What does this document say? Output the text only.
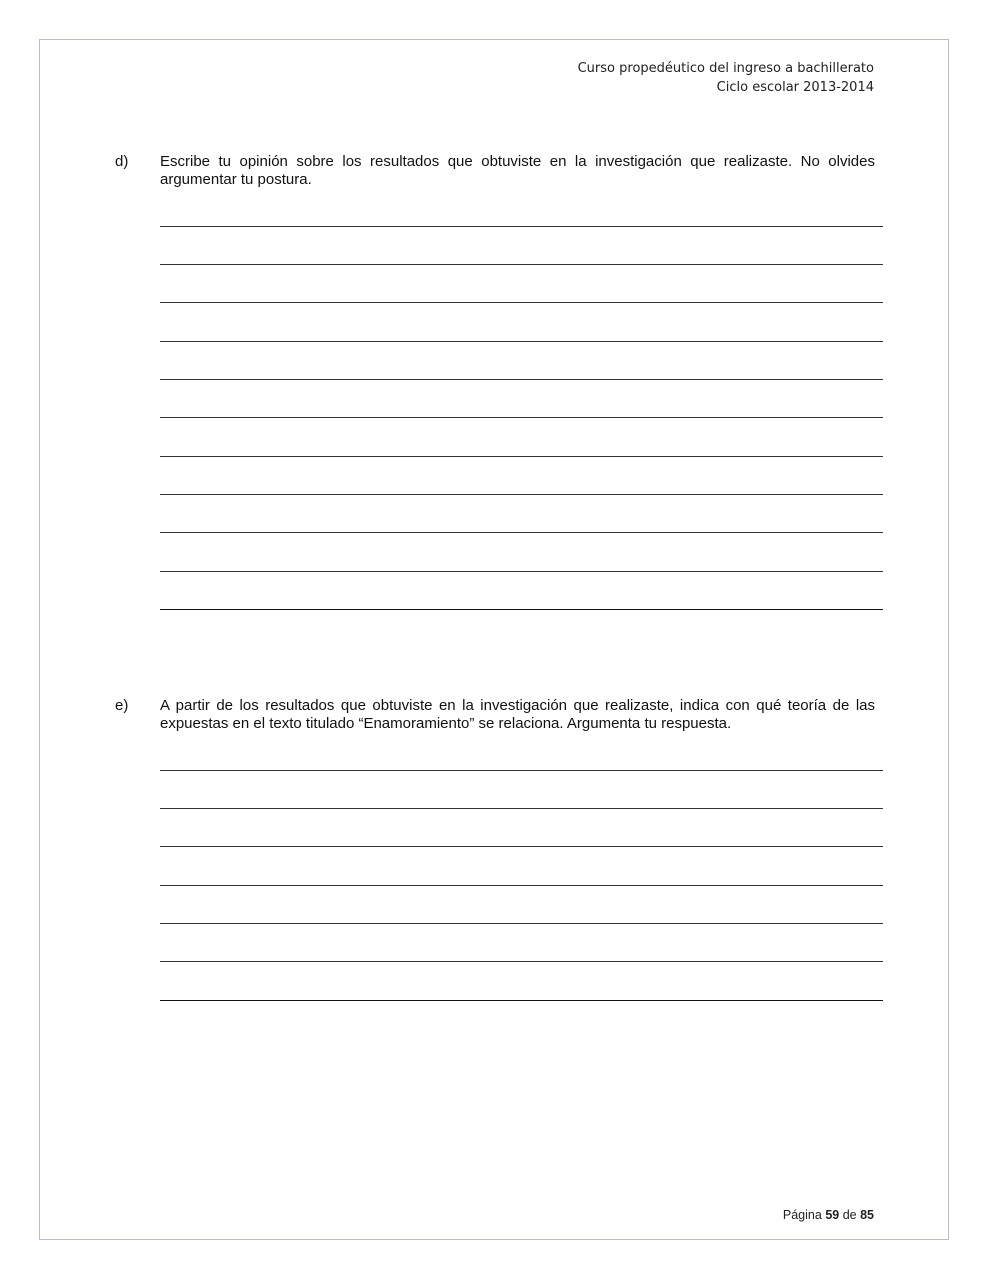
Curso propedéutico del ingreso a bachillerato
Ciclo escolar 2013-2014
d) Escribe tu opinión sobre los resultados que obtuviste en la investigación que realizaste. No olvides argumentar tu postura.
e) A partir de los resultados que obtuviste en la investigación que realizaste, indica con qué teoría de las expuestas en el texto titulado “Enamoramiento” se relaciona. Argumenta tu respuesta.
Página 59 de 85
